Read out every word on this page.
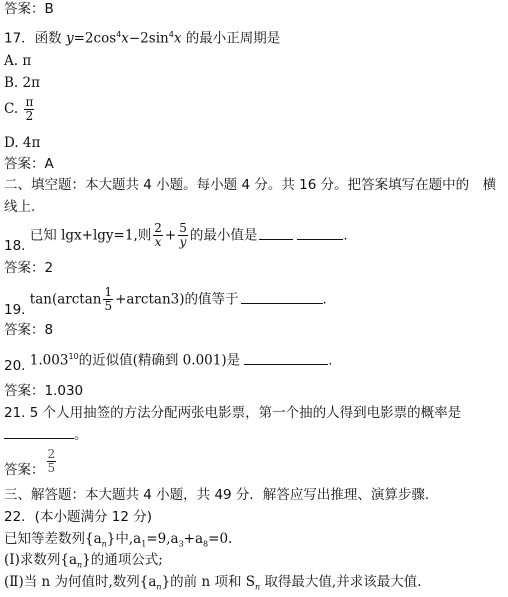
答案：B
17．函数 $y=2\cos^4x-2\sin^4x$ 的最小正周期是
A. π
B. 2π
C. $\frac{\pi}{2}$
D. 4π
答案：A
二、填空题：本大题共 4 小题。每小题 4 分。共 16 分。把答案填写在题中的　横
线上.
18. 已知 lgx+lgy=1,则 $\frac{2}{x} + \frac{5}{y}$ 的最小值是	.
答案：2
19. $\tan(\arctan \frac{1}{5} +\arctan 3)$的值等于	.
答案：8
20. 1.003$^{10}$的近似值(精确到 0.001)是	.
答案：1.030
21. 5 个人用抽签的方法分配两张电影票，第一个抽的人得到电影票的概率是
。
答案： $\frac{2}{5}$
三、解答题：本大题共 4 小题，共 49 分．解答应写出推理、演算步骤.
22．(本小题满分 12 分)
已知等差数列$\{a_n\}$中$,a_1=9,a_3+a_8=0$.
(Ⅰ)求数列$\{a_n\}$的通项公式;
(Ⅱ)当 n 为何值时,数列$\{a_n\}$的前 n 项和 $S_n$ 取得最大值,并求该最大值.
